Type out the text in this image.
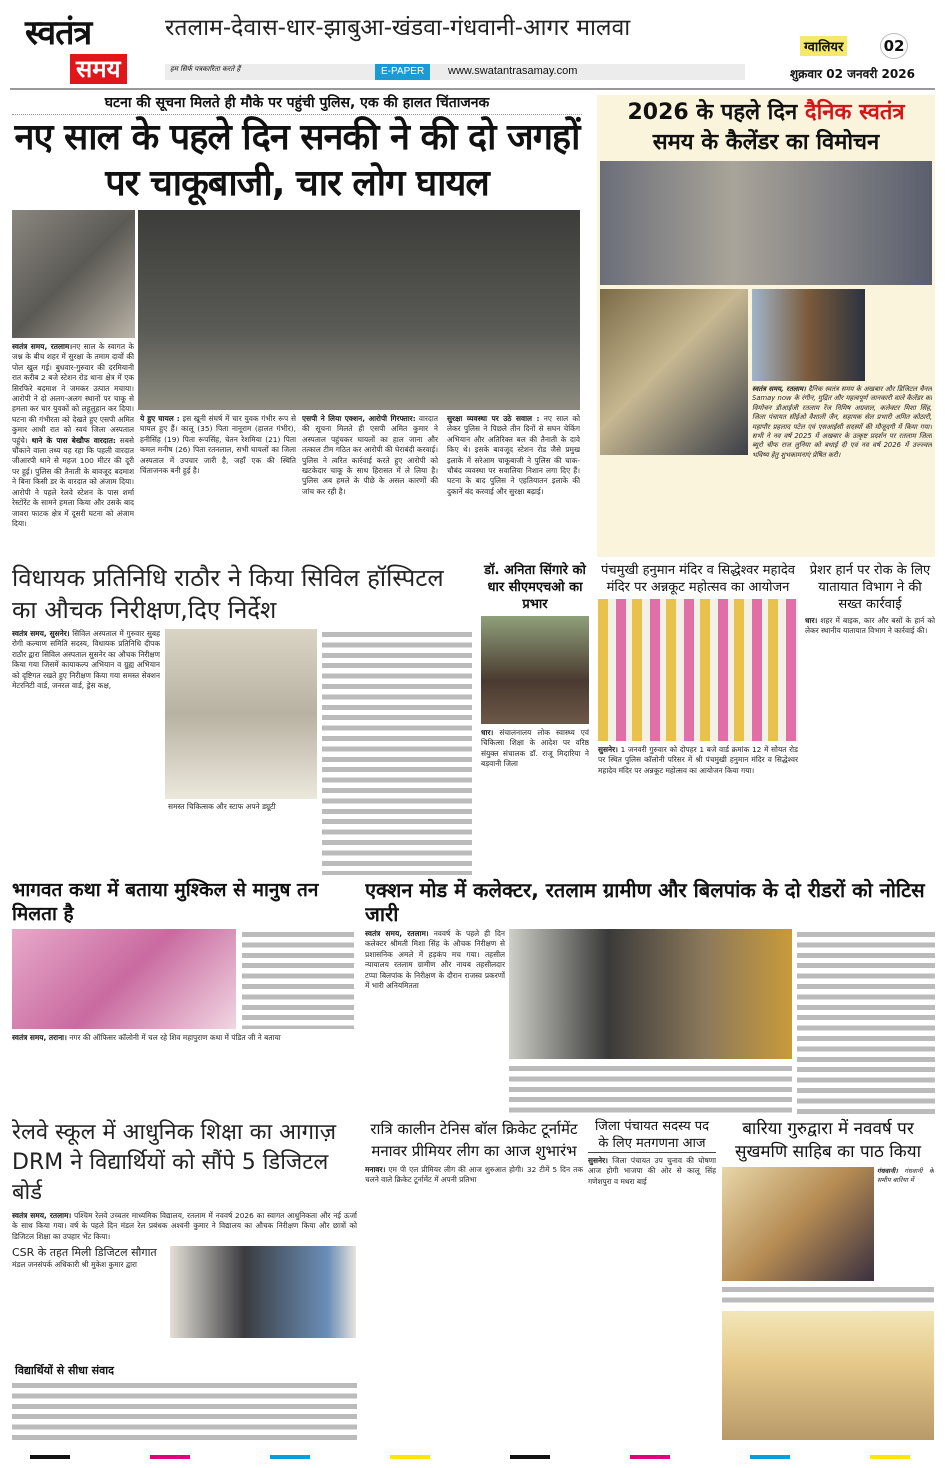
स्वतंत्र
समय
रतलाम-देवास-धार-झाबुआ-खंडवा-गंधवानी-आगर मालवा
हम सिर्फ पत्रकारिता करते हैं	E-PAPER	www.swatantrasamay.com
ग्वालियर	02
शुक्रवार 02 जनवरी 2026
घटना की सूचना मिलते ही मौके पर पहुंची पुलिस, एक की हालत चिंताजनक
नए साल के पहले दिन सनकी ने की दो जगहों पर चाकूबाजी, चार लोग घायल
स्वतंत्र समय, रतलाम।नए साल के स्वागत के जश्न के बीच शहर में सुरक्षा के तमाम दावों की पोल खुल गई। बुधवार-गुरुवार की दरमियानी रात करीब 2 बजे स्टेशन रोड थाना क्षेत्र में एक सिरफिरे बदमाश ने जमकर उत्पात मचाया। आरोपी ने दो अलग-अलग स्थानों पर चाकू से हमला कर चार युवकों को लहूलुहान कर दिया। घटना की गंभीरता को देखते हुए एसपी अमित कुमार आधी रात को स्वयं जिला अस्पताल पहुंचे। थाने के पास बेखौफ वारदात: सबसे चौंकाने वाला तथ्य यह रहा कि पहली वारदात जीआरपी थाने से महज 100 मीटर की दूरी पर हुई। पुलिस की तैनाती के बावजूद बदमाश ने बिना किसी डर के वारदात को अंजाम दिया। आरोपी ने पहले रेलवे स्टेशन के पास शर्मा रेस्टोरेंट के सामने हमला किया और उसके बाद जावरा फाटक क्षेत्र में दूसरी घटना को अंजाम दिया।
ये हुए घायल : इस खूनी संघर्ष में चार युवक गंभीर रूप से घायल हुए हैं। कालू (35) पिता नानूराम (हालत गंभीर), हनीसिंह (19) पिता रूपसिंह, चेतन रेशमिया (21) पिता कमल मनीष (26) पिता रतनलाल, सभी घायलों का जिला अस्पताल में उपचार जारी है, जहाँ एक की स्थिति चिंताजनक बनी हुई है।
एसपी ने लिया एक्शन, आरोपी गिरफ्तार: वारदात की सूचना मिलते ही एसपी अमित कुमार ने अस्पताल पहुंचकर घायलों का हाल जाना और तत्काल टीम गठित कर आरोपी की घेराबंदी करवाई। पुलिस ने त्वरित कार्रवाई करते हुए आरोपी को खटकेदार चाकू के साथ हिरासत में ले लिया है। पुलिस अब हमले के पीछे के असल कारणों की जांच कर रही है।
सुरक्षा व्यवस्था पर उठे सवाल : नए साल को लेकर पुलिस ने पिछले तीन दिनों से सघन चेकिंग अभियान और अतिरिक्त बल की तैनाती के दावे किए थे। इसके बावजूद स्टेशन रोड जैसे प्रमुख इलाके में सरेआम चाकूबाजी ने पुलिस की चाक-चौबंद व्यवस्था पर सवालिया निशान लगा दिए हैं। घटना के बाद पुलिस ने एहतियातन इलाके की दुकानें बंद करवाई और सुरक्षा बढ़ाई।
2026 के पहले दिन दैनिक स्वतंत्र
समय के कैलेंडर का विमोचन
स्वतंत्र समय, रतलाम। दैनिक स्वतंत्र समय के अखबार और डिजिटल चैनल Samay now के रंगीन, मुद्रित और महत्वपूर्ण जानकारी वाले कैलेंडर का विमोचन डीआईजी रतलाम रेंज निमिष अग्रवाल, कलेक्टर मिशा सिंह, जिला पंचायत सीईओ वैशाली जैन, सहायक सेल प्रभारी अमित कोठारी, महापौर प्रहलाद पटेल एवं एसआईसी सदस्यों की मौजूदगी में किया गया। सभी ने नव वर्ष 2025 में अखबार के उत्कृष्ट प्रदर्शन पर रतलाम जिला ब्यूरो चीफ राज लुनिया को बधाई दी एवं नव वर्ष 2026 में उज्ज्वल भविष्य हेतु शुभकामनाएं प्रेषित करी।
विधायक प्रतिनिधि राठौर ने किया सिविल हॉस्पिटल का औचक निरीक्षण,दिए निर्देश
स्वतंत्र समय, सुसनेर। सिविल अस्पताल में गुरुवार सुबह रोगी कल्याण समिति सदस्य, विधायक प्रतिनिधि दीपक राठौर द्वारा सिविल अस्पताल सुसनेर का औचक निरीक्षण किया गया जिसमें कायाकल्प अभियान व ग्रुह्य अभियान को दृष्टिगत रखते हुए निरीक्षण किया गया समस्त सेक्शन मेटरनिटी वार्ड, जनरल वार्ड, ड्रेस कक्ष,
समस्त चिकित्सक और स्टाफ अपने ड्यूटी
डॉ. अनिता सिंगारे को धार सीएमएचओ का प्रभार
धार। संचालनालय लोक स्वास्थ्य एवं चिकित्सा शिक्षा के आदेश पर वरिष्ठ संयुक्त संचालक डॉ. राजू मिदारिया ने बड़वानी जिला
पंचमुखी हनुमान मंदिर व सिद्धेश्वर महादेव मंदिर पर अन्नकूट महोत्सव का आयोजन
सुसनेर। 1 जनवरी गुरुवार को दोपहर 1 बजे वार्ड क्रमांक 12 में सोयत रोड पर स्थित पुलिस कॉलोनी परिसर में श्री पंचमुखी हनुमान मंदिर व सिद्धेश्वर महादेव मंदिर पर अन्नकूट महोत्सव का आयोजन किया गया।
प्रेशर हार्न पर रोक के लिए यातायात विभाग ने की सख्त कार्रवाई
धार। शहर में बाइक, कार और बसों के हार्न को लेकर स्थानीय यातायात विभाग ने कार्रवाई की।
भागवत कथा में बताया मुश्किल से मानुष तन मिलता है
स्वतंत्र समय, तराना। नगर की ऑफिसर कॉलोनी में चल रहे शिव महापुराण कथा में पंडित जी ने बताया
एक्शन मोड में कलेक्टर, रतलाम ग्रामीण और बिलपांक के दो रीडरों को नोटिस जारी
स्वतंत्र समय, रतलाम। नववर्ष के पहले ही दिन कलेक्टर श्रीमती मिशा सिंह के औचक निरीक्षण से प्रशासनिक अमले में हड़कंप मच गया। तहसील न्यायालय रतलाम ग्रामीण और नायब तहसीलदार टप्पा बिलपांक के निरीक्षण के दौरान राजस्व प्रकरणों में भारी अनियमितता
रेलवे स्कूल में आधुनिक शिक्षा का आगाज़
DRM ने विद्यार्थियों को सौंपे 5 डिजिटल बोर्ड
स्वतंत्र समय, रतलाम। पश्चिम रेलवे उच्चतर माध्यमिक विद्यालय, रतलाम में नववर्ष 2026 का स्वागत आधुनिकता और नई ऊर्जा के साथ किया गया। वर्ष के पहले दिन मंडल रेल प्रबंधक अश्वनी कुमार ने विद्यालय का औचक निरीक्षण किया और छात्रों को डिजिटल शिक्षा का उपहार भेंट किया।
CSR के तहत मिली डिजिटल सौगात
मंडल जनसंपर्क अधिकारी श्री मुकेश कुमार द्वारा
विद्यार्थियों से सीधा संवाद
रात्रि कालीन टेनिस बॉल क्रिकेट टूर्नामेंट
मनावर प्रीमियर लीग का आज शुभारंभ
मनावर। एम पी एल प्रीमियर लीग की आज शुरुआत होगी। 32 टीमें 5 दिन तक चलने वाले क्रिकेट टूर्नामेंट में अपनी प्रतिभा
जिला पंचायत सदस्य पद के लिए मतगणना आज
सुसनेर। जिला पंचायत उप चुनाव की घोषणा आज होगी भाजपा की ओर से कालू सिंह गणेशपुरा व मथरा बाई
बारिया गुरुद्वारा में नववर्ष पर सुखमणि साहिब का पाठ किया
गंधवानी। गंधवानी के समीप बारिया में
